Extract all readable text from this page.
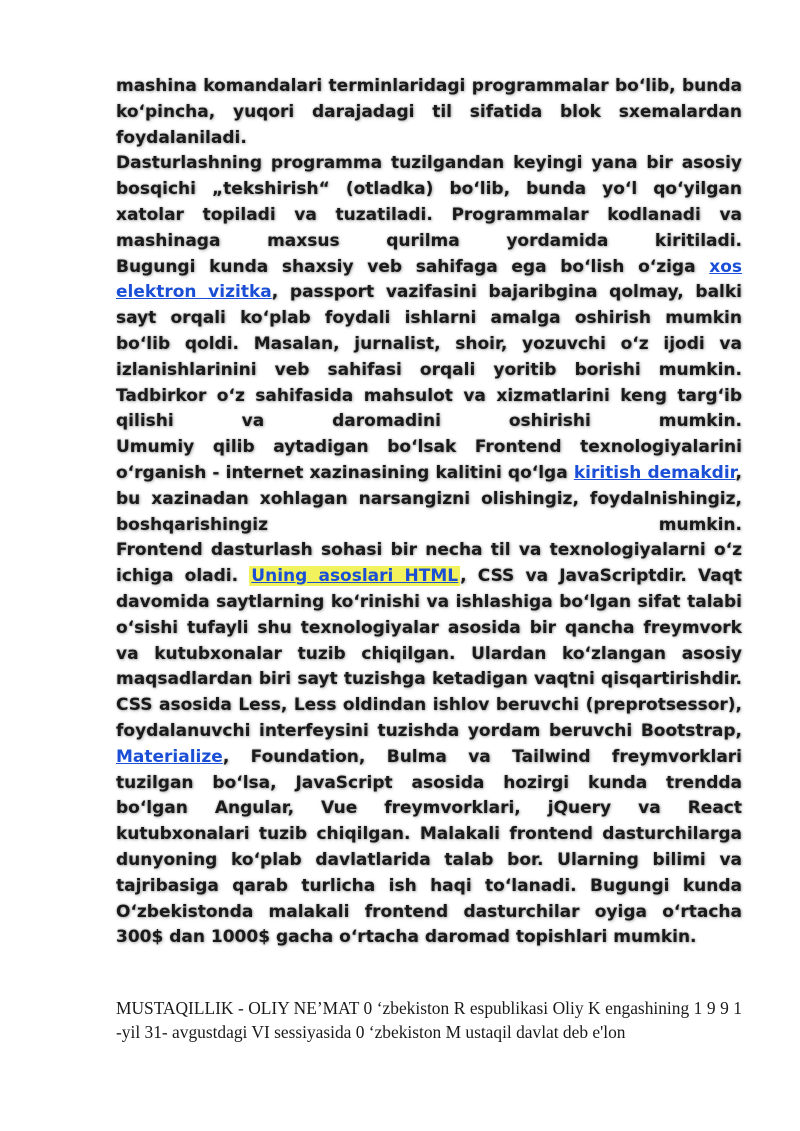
mashina komandalari terminlaridagi programmalar bo‘lib, bunda ko‘pincha, yuqori darajadagi til sifatida blok sxemalardan foydalaniladi.

Dasturlashning programma tuzilgandan keyingi yana bir asosiy bosqichi „tekshirish“ (otladka) bo‘lib, bunda yo‘l qo‘yilgan xatolar topiladi va tuzatiladi. Programmalar kodlanadi va mashinaga maxsus qurilma yordamida kiritiladi.

Bugungi kunda shaxsiy veb sahifaga ega bo‘lish o‘ziga xos elektron vizitka, passport vazifasini bajaribgina qolmay, balki sayt orqali ko‘plab foydali ishlarni amalga oshirish mumkin bo‘lib qoldi. Masalan, jurnalist, shoir, yozuvchi o‘z ijodi va izlanishlarinini veb sahifasi orqali yoritib borishi mumkin. Tadbirkor o‘z sahifasida mahsulot va xizmatlarini keng targ‘ib qilishi va daromadini oshirishi mumkin.

Umumiy qilib aytadigan bo‘lsak Frontend texnologiyalarini o‘rganish - internet xazinasining kalitini qo‘lga kiritish demakdir, bu xazinadan xohlagan narsangizni olishingiz, foydalnishingiz, boshqarishingiz mumkin.

Frontend dasturlash sohasi bir necha til va texnologiyalarni o‘z ichiga oladi. Uning asoslari HTML , CSS va JavaScriptdir. Vaqt davomida saytlarning ko‘rinishi va ishlashiga bo‘lgan sifat talabi o‘sishi tufayli shu texnologiyalar asosida bir qancha freymvork va kutubxonalar tuzib chiqilgan. Ulardan ko‘zlangan asosiy maqsadlardan biri sayt tuzishga ketadigan vaqtni qisqartirishdir. CSS asosida Less, Less oldindan ishlov beruvchi (preprotsessor), foydalanuvchi interfeysini tuzishda yordam beruvchi Bootstrap, Materialize, Foundation, Bulma va Tailwind freymvorklari tuzilgan bo‘lsa, JavaScript asosida hozirgi kunda trendda bo‘lgan Angular, Vue freymvorklari, jQuery va React kutubxonalari tuzib chiqilgan. Malakali frontend dasturchilarga dunyoning ko‘plab davlatlarida talab bor. Ularning bilimi va tajribasiga qarab turlicha ish haqi to‘lanadi. Bugungi kunda O‘zbekistonda malakali frontend dasturchilar oyiga o‘rtacha 300$ dan 1000$ gacha o‘rtacha daromad topishlari mumkin.

MUSTAQILLIK - OLIY NE’MAT 0 ‘zbekiston R espublikasi Oliy K engashining 1 9 9 1 -yil 31- avgustdagi VI sessiyasida 0 ‘zbekiston M ustaqil davlat deb e'lon
